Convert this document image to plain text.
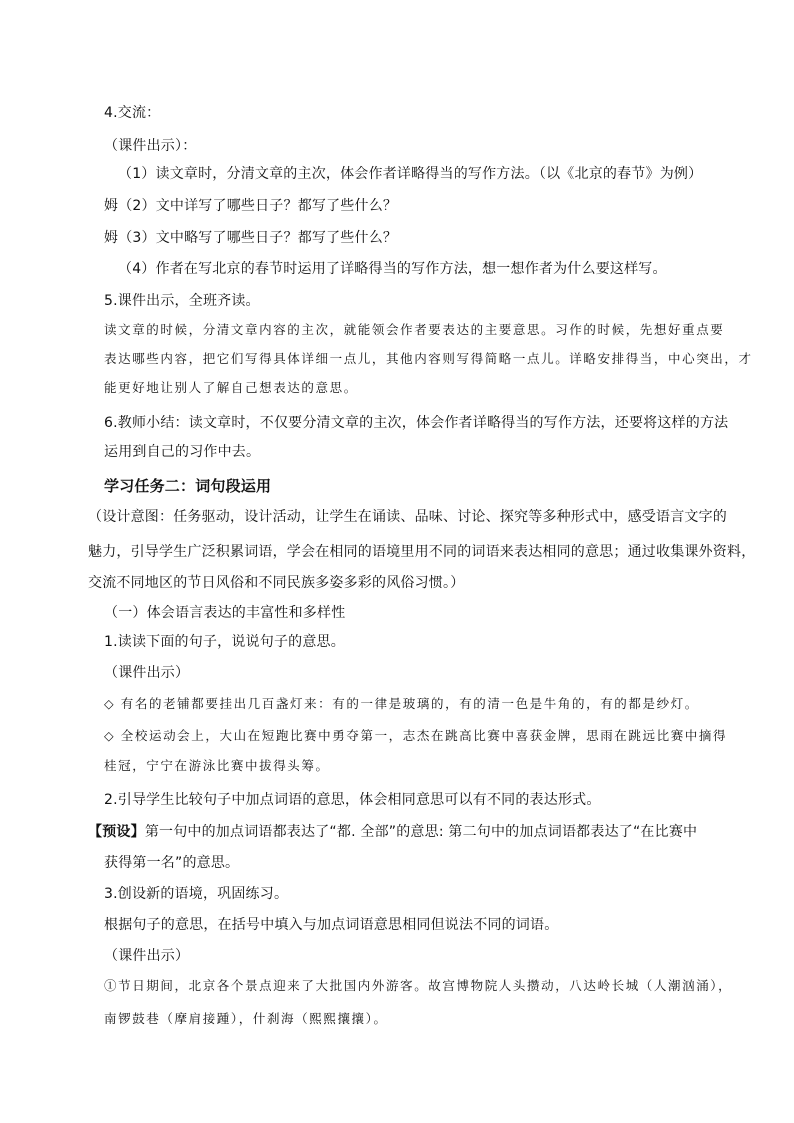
4.交流：
（课件出示）：
（1）读文章时，分清文章的主次，体会作者详略得当的写作方法。（以《北京的春节》为例）
姆（2）文中详写了哪些日子？都写了些什么？
姆（3）文中略写了哪些日子？都写了些什么？
（4）作者在写北京的春节时运用了详略得当的写作方法，想一想作者为什么要这样写。
5.课件出示，全班齐读。
读文章的时候，分清文章内容的主次，就能领会作者要表达的主要意思。习作的时候，先想好重点要
表达哪些内容，把它们写得具体详细一点儿，其他内容则写得简略一点儿。详略安排得当，中心突出，才
能更好地让别人了解自己想表达的意思。
6.教师小结：读文章时，不仅要分清文章的主次，体会作者详略得当的写作方法，还要将这样的方法
运用到自己的习作中去。
学习任务二：词句段运用
（设计意图：任务驱动，设计活动，让学生在诵读、品味、讨论、探究等多种形式中，感受语言文字的
魅力，引导学生广泛积累词语，学会在相同的语境里用不同的词语来表达相同的意思；通过收集课外资料，
交流不同地区的节日风俗和不同民族多姿多彩的风俗习惯。）
（一）体会语言表达的丰富性和多样性
1.读读下面的句子，说说句子的意思。
（课件出示）
◇ 有名的老铺都要挂出几百盏灯来：有的一律是玻璃的，有的清一色是牛角的，有的都是纱灯。
◇ 全校运动会上，大山在短跑比赛中勇夺第一，志杰在跳高比赛中喜获金牌，思雨在跳远比赛中摘得
桂冠，宁宁在游泳比赛中拔得头筹。
2.引导学生比较句子中加点词语的意思，体会相同意思可以有不同的表达形式。
【预设】第一句中的加点词语都表达了“都. 全部”的意思: 第二句中的加点词语都表达了“在比赛中
获得第一名”的意思。
3.创设新的语境，巩固练习。
根据句子的意思，在括号中填入与加点词语意思相同但说法不同的词语。
（课件出示）
①节日期间，北京各个景点迎来了大批国内外游客。故宫博物院人头攒动，八达岭长城（人潮汹涌），
南锣鼓巷（摩肩接踵），什刹海（熙熙攘攘）。
